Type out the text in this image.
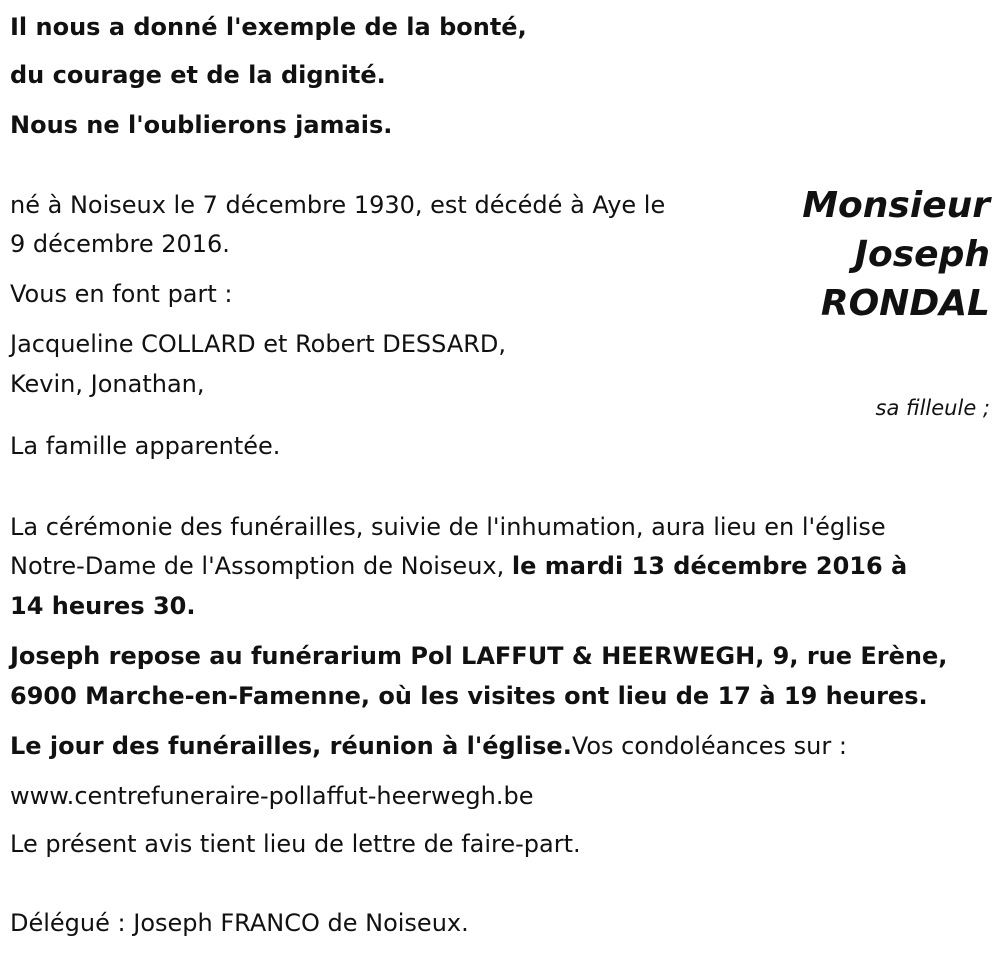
Il nous a donné l'exemple de la bonté,

du courage et de la dignité.

Nous ne l'oublierons jamais.

Monsieur

Joseph

RONDAL

né à Noiseux le 7 décembre 1930, est décédé à Aye le

9 décembre 2016.

Vous en font part :

Jacqueline COLLARD et Robert DESSARD,

Kevin, Jonathan,

sa filleule ;

La famille apparentée.

La cérémonie des funérailles, suivie de l'inhumation, aura lieu en l'église

Notre-Dame de l'Assomption de Noiseux, le mardi 13 décembre 2016 à

14 heures 30.

Joseph repose au funérarium Pol LAFFUT & HEERWEGH, 9, rue Erène,

6900 Marche-en-Famenne, où les visites ont lieu de 17 à 19 heures.

Le jour des funérailles, réunion à l'église.Vos condoléances sur :

www.centrefuneraire-pollaffut-heerwegh.be

Le présent avis tient lieu de lettre de faire-part.

Délégué : Joseph FRANCO de Noiseux.
